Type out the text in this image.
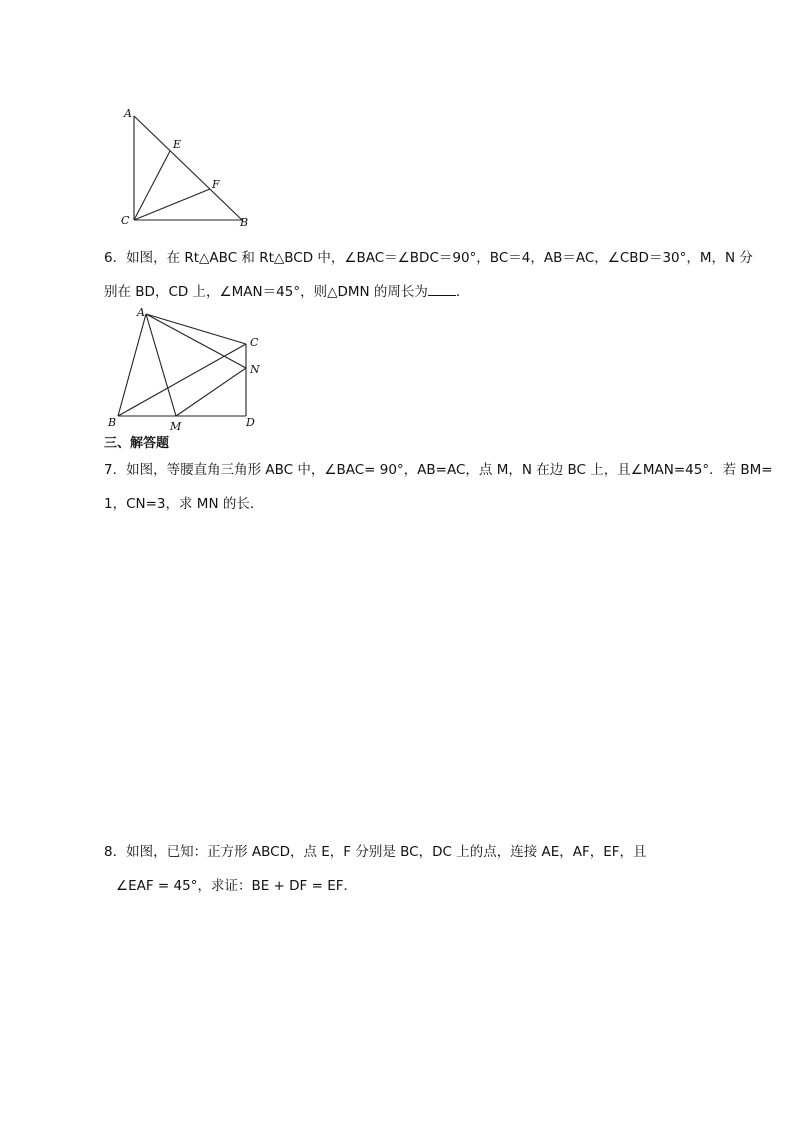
A
E
F
C	B
6．如图，在 Rt△ABC 和 Rt△BCD 中，∠BAC＝∠BDC＝90°，BC＝4，AB＝AC，∠CBD＝30°，M，N 分
别在 BD，CD 上，∠MAN＝45°，则△DMN 的周长为 ．
A
C
N
B	M	D
三、解答题
7．如图，等腰直角三角形 ABC 中，∠BAC= 90°，AB=AC，点 M，N 在边 BC 上，且∠MAN=45°．若 BM=
1，CN=3，求 MN 的长．
8．如图，已知：正方形 ABCD，点 E，F 分别是 BC，DC 上的点，连接 AE，AF，EF，且
∠EAF = 45°，求证：BE + DF = EF．
